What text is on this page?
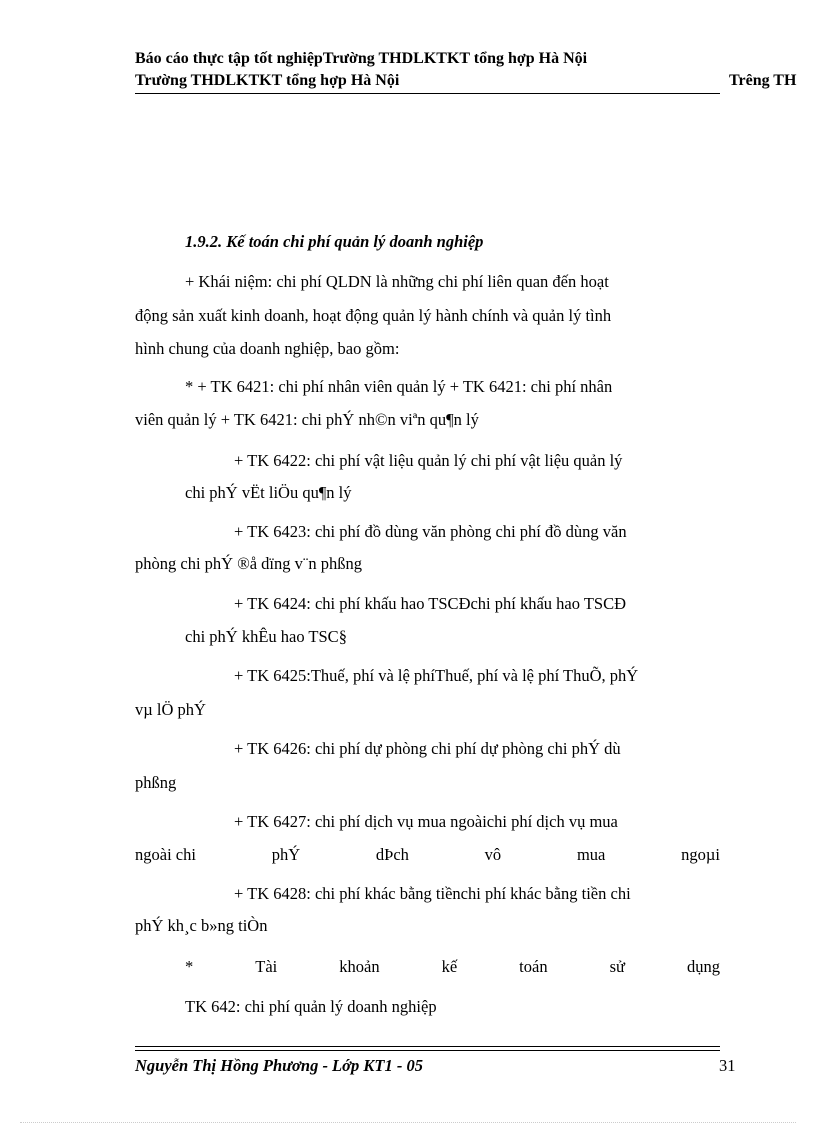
Báo cáo thực tập tốt nghiệpTrường THDLKTKT tổng hợp Hà Nội
Trường THDLKTKT tổng hợp Hà Nội	Trêng TH
1.9.2. Kế toán chi phí quản lý doanh nghiệp
+ Khái niệm: chi phí QLDN là những chi phí liên quan đến hoạt
động sản xuất kinh doanh, hoạt động quản lý hành chính và quản lý tình
hình chung của doanh nghiệp, bao gồm:
* + TK 6421: chi phí nhân viên quản lý + TK 6421: chi phí nhân
viên quản lý + TK 6421: chi phÝ nh©n viªn qu¶n lý
+ TK 6422: chi phí vật liệu quản lý chi phí vật liệu quản lý
chi phÝ vËt liÖu qu¶n lý
+ TK 6423: chi phí đồ dùng văn phòng chi phí đồ dùng văn
phòng chi phÝ ®å dïng v¨n phßng
+ TK 6424: chi phí khấu hao TSCĐchi phí khấu hao TSCĐ
chi phÝ khÊu hao TSC§
+ TK 6425:Thuế, phí và lệ phíThuế, phí và lệ phí ThuÕ, phÝ
vµ lÖ phÝ
+ TK 6426: chi phí dự phòng chi phí dự phòng chi phÝ dù
phßng
+ TK 6427: chi phí dịch vụ mua ngoàichi phí dịch vụ mua
ngoài chi	phÝ	dÞch	vô	mua	ngoµi
+ TK 6428: chi phí khác bằng tiềnchi phí khác bằng tiền chi
phÝ kh¸c b»ng tiÒn
*	Tài	khoản	kế	toán	sử	dụng
TK 642: chi phí quản lý doanh nghiệp
Nguyễn Thị Hồng Phương - Lớp KT1 - 05	31
